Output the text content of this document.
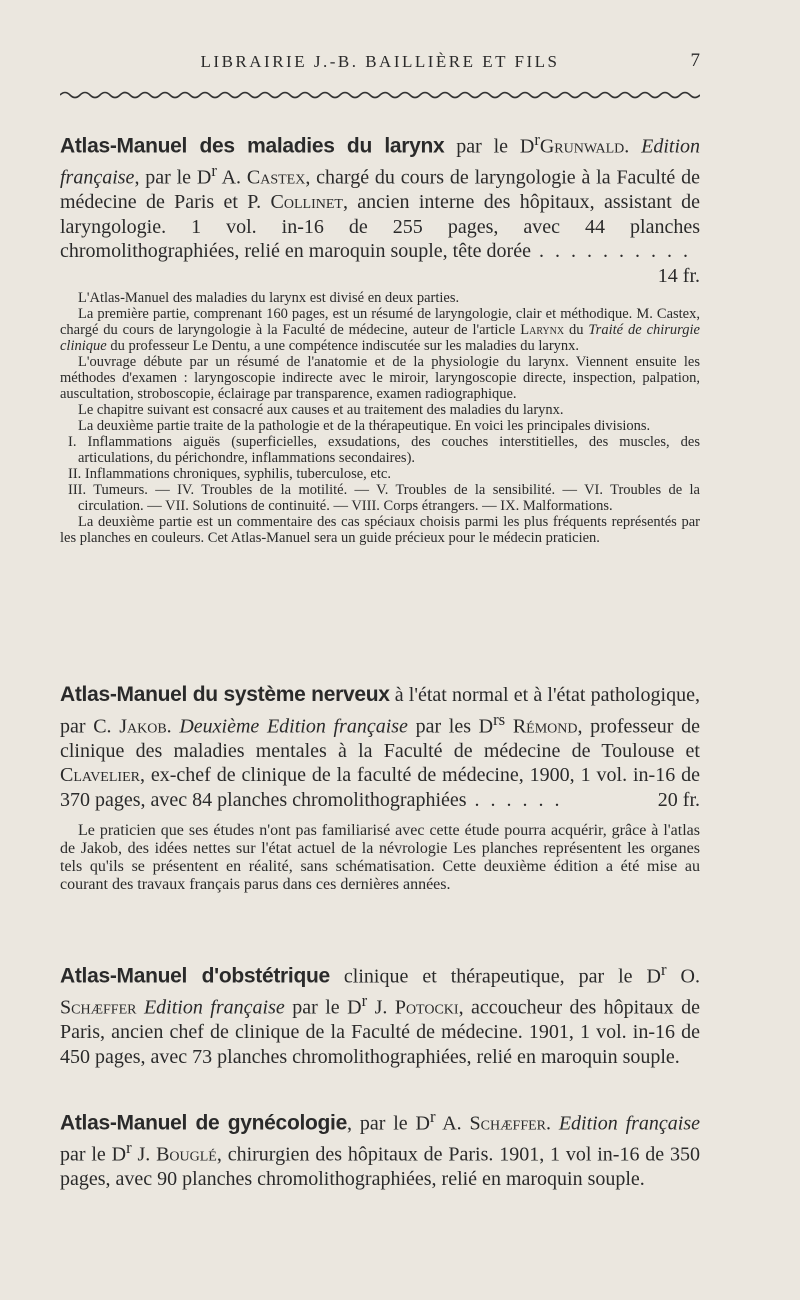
LIBRAIRIE J.-B. BAILLIÈRE ET FILS	7
Atlas-Manuel des maladies du larynx par le $D^rGrunwald$. Edition française, par le $D^r$ A. Castex, chargé du cours de laryngologie à la Faculté de médecine de Paris et P. Collinet, ancien interne des hôpitaux, assistant de laryngologie. 1 vol. in-16 de 255 pages, avec 44 planches chromolithographiées, relié en maroquin souple, tête dorée . . . . . . . . . .
14 fr.

L'Atlas-Manuel des maladies du larynx est divisé en deux parties.

La première partie, comprenant 160 pages, est un résumé de laryngologie, clair et méthodique. M. Castex, chargé du cours de laryngologie à la Faculté de médecine, auteur de l'article Larynx du Traité de chirurgie clinique du professeur Le Dentu, a une compétence indiscutée sur les maladies du larynx.

L'ouvrage débute par un résumé de l'anatomie et de la physiologie du larynx. Viennent ensuite les méthodes d'examen : laryngoscopie indirecte avec le miroir, laryngoscopie directe, inspection, palpation, auscultation, stroboscopie, éclairage par transparence, examen radiographique.

Le chapitre suivant est consacré aux causes et au traitement des maladies du larynx.

La deuxième partie traite de la pathologie et de la thérapeutique. En voici les principales divisions.

I. Inflammations aiguës (superficielles, exsudations, des couches interstitielles, des muscles, des articulations, du périchondre, inflammations secondaires).
II. Inflammations chroniques, syphilis, tuberculose, etc.
III. Tumeurs. — IV. Troubles de la motilité. — V. Troubles de la sensibilité. — VI. Troubles de la circulation. — VII. Solutions de continuité. — VIII. Corps étrangers. — IX. Malformations.

La deuxième partie est un commentaire des cas spéciaux choisis parmi les plus fréquents représentés par les planches en couleurs. Cet Atlas-Manuel sera un guide précieux pour le médecin praticien.

Atlas-Manuel du système nerveux à l'état normal et à l'état pathologique, par C. Jakob. Deuxième Edition française par les $D^{rs}$ Rémond, professeur de clinique des maladies mentales à la Faculté de médecine de Toulouse et Clavelier, ex-chef de clinique de la faculté de médecine, 1900, 1 vol. in-16 de 370 pages, avec 84 planches chromolithographiées . . . . . .	20 fr.

Le praticien que ses études n'ont pas familiarisé avec cette étude pourra acquérir, grâce à l'atlas de Jakob, des idées nettes sur l'état actuel de la névrologie Les planches représentent les organes tels qu'ils se présentent en réalité, sans schématisation. Cette deuxième édition a été mise au courant des travaux français parus dans ces dernières années.

Atlas-Manuel d'obstétrique clinique et thérapeutique, par le $D^r$ O. Schæffer Edition française par le $D^r$ J. Potocki, accoucheur des hôpitaux de Paris, ancien chef de clinique de la Faculté de médecine. 1901, 1 vol. in-16 de 450 pages, avec 73 planches chromolithographiées, relié en maroquin souple.
Atlas-Manuel de gynécologie, par le $D^r$ A. Schæffer. Edition française par le $D^r$ J. Bouglé, chirurgien des hôpitaux de Paris. 1901, 1 vol in-16 de 350 pages, avec 90 planches chromolithographiées, relié en maroquin souple.
